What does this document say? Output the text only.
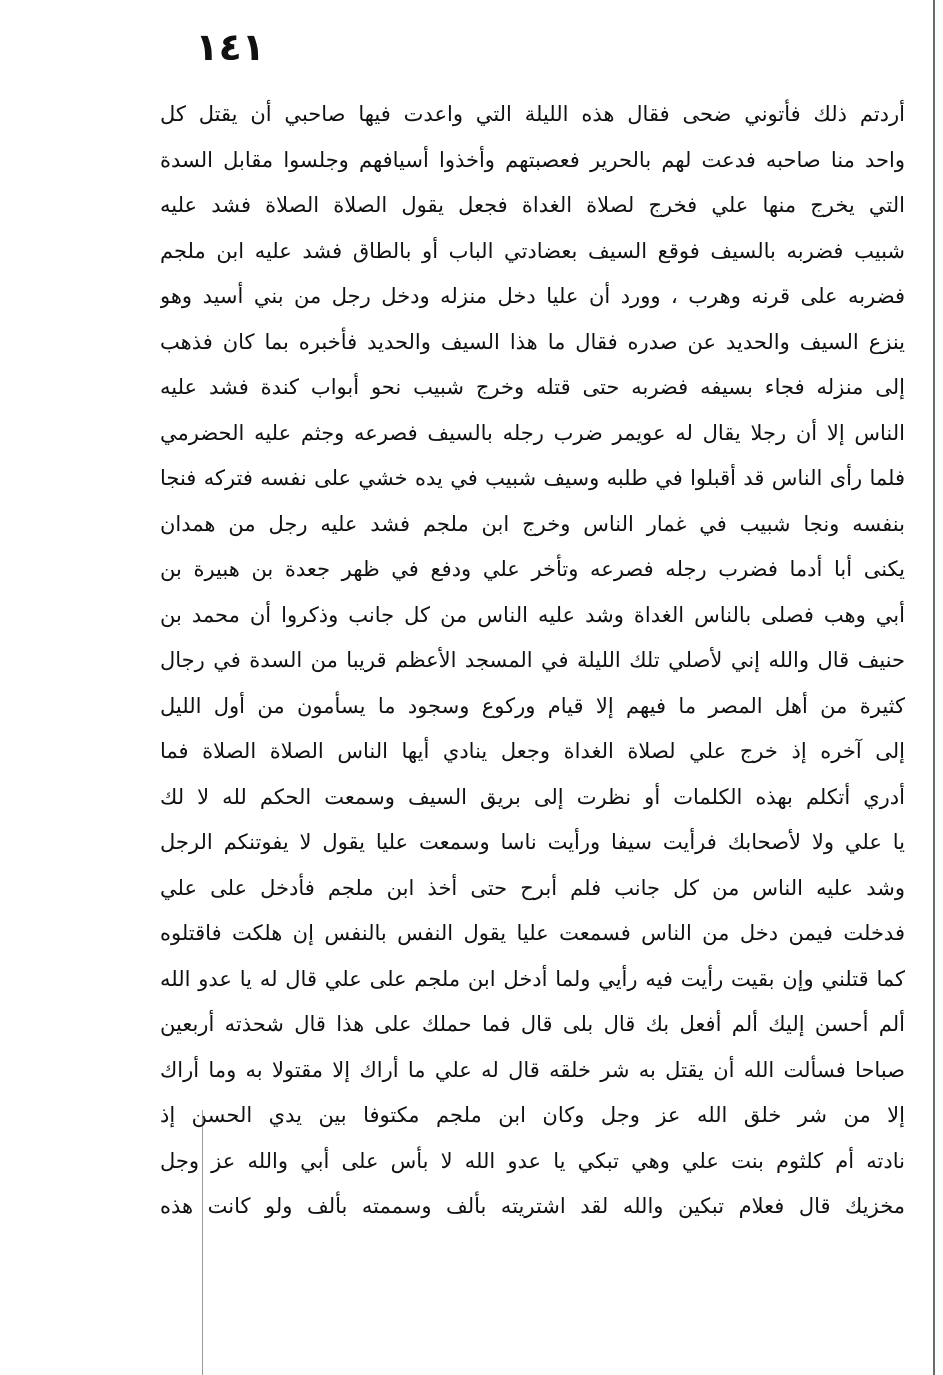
١٤١
أردتم ذلك فأتوني ضحى فقال هذه الليلة التي واعدت فيها صاحبي أن يقتل كل
واحد منا صاحبه فدعت لهم بالحرير فعصبتهم وأخذوا أسيافهم وجلسوا مقابل السدة
التي يخرج منها علي فخرج لصلاة الغداة فجعل يقول الصلاة الصلاة فشد عليه
شبيب فضربه بالسيف فوقع السيف بعضادتي الباب أو بالطاق فشد عليه ابن ملجم
فضربه على قرنه وهرب ، وورد أن عليا دخل منزله ودخل رجل من بني أسيد وهو
ينزع السيف والحديد عن صدره فقال ما هذا السيف والحديد فأخبره بما كان فذهب
إلى منزله فجاء بسيفه فضربه حتى قتله وخرج شبيب نحو أبواب كندة فشد عليه
الناس إلا أن رجلا يقال له عويمر ضرب رجله بالسيف فصرعه وجثم عليه الحضرمي
فلما رأى الناس قد أقبلوا في طلبه وسيف شبيب في يده خشي على نفسه فتركه فنجا
بنفسه ونجا شبيب في غمار الناس وخرج ابن ملجم فشد عليه رجل من همدان
يكنى أبا أدما فضرب رجله فصرعه وتأخر علي ودفع في ظهر جعدة بن هبيرة بن
أبي وهب فصلى بالناس الغداة وشد عليه الناس من كل جانب وذكروا أن محمد بن
حنيف قال والله إني لأصلي تلك الليلة في المسجد الأعظم قريبا من السدة في رجال
كثيرة من أهل المصر ما فيهم إلا قيام وركوع وسجود ما يسأمون من أول الليل
إلى آخره إذ خرج علي لصلاة الغداة وجعل ينادي أيها الناس الصلاة الصلاة فما
أدري أتكلم بهذه الكلمات أو نظرت إلى بريق السيف وسمعت الحكم لله لا لك
يا علي ولا لأصحابك فرأيت سيفا ورأيت ناسا وسمعت عليا يقول لا يفوتنكم الرجل
وشد عليه الناس من كل جانب فلم أبرح حتى أخذ ابن ملجم فأدخل على علي
فدخلت فيمن دخل من الناس فسمعت عليا يقول النفس بالنفس إن هلكت فاقتلوه
كما قتلني وإن بقيت رأيت فيه رأيي ولما أدخل ابن ملجم على علي قال له يا عدو الله
ألم أحسن إليك ألم أفعل بك قال بلى قال فما حملك على هذا قال شحذته أربعين
صباحا فسألت الله أن يقتل به شر خلقه قال له علي ما أراك إلا مقتولا به وما أراك
إلا من شر خلق الله عز وجل وكان ابن ملجم مكتوفا بين يدي الحسن إذ
نادته أم كلثوم بنت علي وهي تبكي يا عدو الله لا بأس على أبي والله عز وجل
مخزيك قال فعلام تبكين والله لقد اشتريته بألف وسممته بألف ولو كانت هذه
